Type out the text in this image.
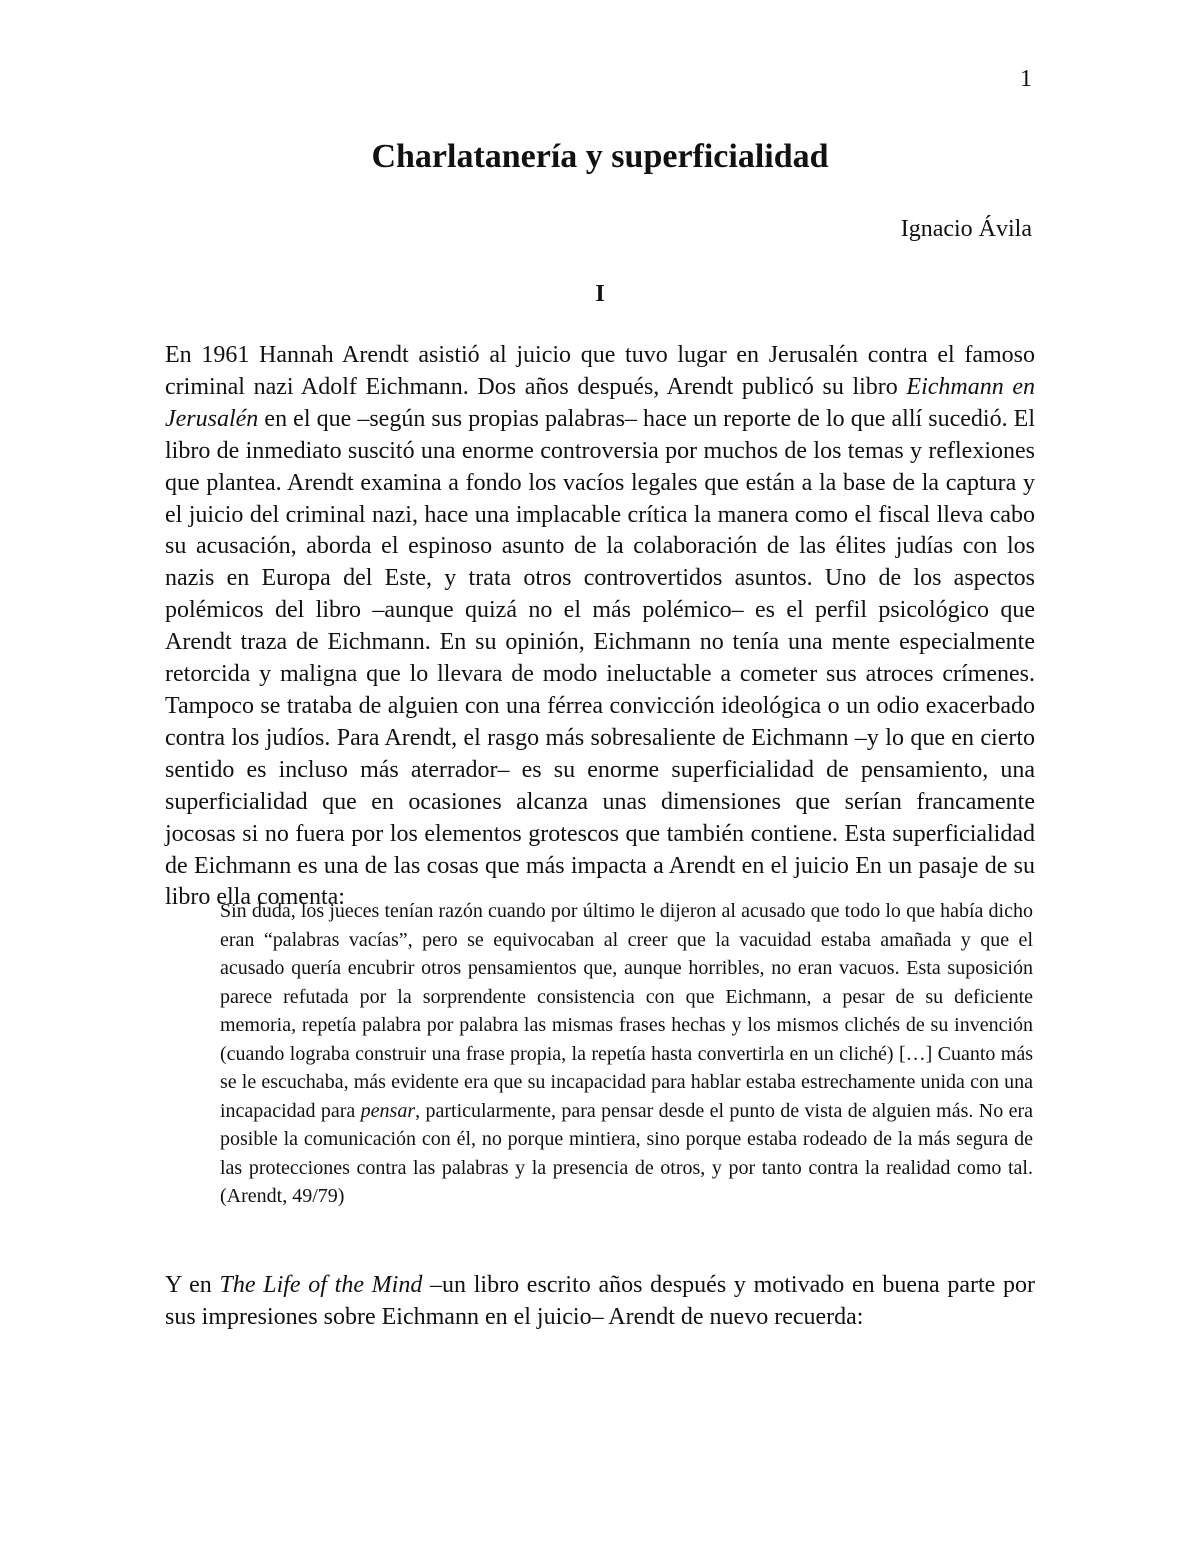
1
Charlatanería y superficialidad
Ignacio Ávila
I

En 1961 Hannah Arendt asistió al juicio que tuvo lugar en Jerusalén contra el famoso criminal nazi Adolf Eichmann. Dos años después, Arendt publicó su libro Eichmann en Jerusalén en el que –según sus propias palabras– hace un reporte de lo que allí sucedió. El libro de inmediato suscitó una enorme controversia por muchos de los temas y reflexiones que plantea. Arendt examina a fondo los vacíos legales que están a la base de la captura y el juicio del criminal nazi, hace una implacable crítica la manera como el fiscal lleva cabo su acusación, aborda el espinoso asunto de la colaboración de las élites judías con los nazis en Europa del Este, y trata otros controvertidos asuntos. Uno de los aspectos polémicos del libro –aunque quizá no el más polémico– es el perfil psicológico que Arendt traza de Eichmann. En su opinión, Eichmann no tenía una mente especialmente retorcida y maligna que lo llevara de modo ineluctable a cometer sus atroces crímenes. Tampoco se trataba de alguien con una férrea convicción ideológica o un odio exacerbado contra los judíos. Para Arendt, el rasgo más sobresaliente de Eichmann –y lo que en cierto sentido es incluso más aterrador– es su enorme superficialidad de pensamiento, una superficialidad que en ocasiones alcanza unas dimensiones que serían francamente jocosas si no fuera por los elementos grotescos que también contiene. Esta superficialidad de Eichmann es una de las cosas que más impacta a Arendt en el juicio En un pasaje de su libro ella comenta:

Sin duda, los jueces tenían razón cuando por último le dijeron al acusado que todo lo que había dicho eran “palabras vacías”, pero se equivocaban al creer que la vacuidad estaba amañada y que el acusado quería encubrir otros pensamientos que, aunque horribles, no eran vacuos. Esta suposición parece refutada por la sorprendente consistencia con que Eichmann, a pesar de su deficiente memoria, repetía palabra por palabra las mismas frases hechas y los mismos clichés de su invención (cuando lograba construir una frase propia, la repetía hasta convertirla en un cliché) […] Cuanto más se le escuchaba, más evidente era que su incapacidad para hablar estaba estrechamente unida con una incapacidad para pensar, particularmente, para pensar desde el punto de vista de alguien más. No era posible la comunicación con él, no porque mintiera, sino porque estaba rodeado de la más segura de las protecciones contra las palabras y la presencia de otros, y por tanto contra la realidad como tal. (Arendt, 49/79)

Y en The Life of the Mind –un libro escrito años después y motivado en buena parte por sus impresiones sobre Eichmann en el juicio– Arendt de nuevo recuerda:
